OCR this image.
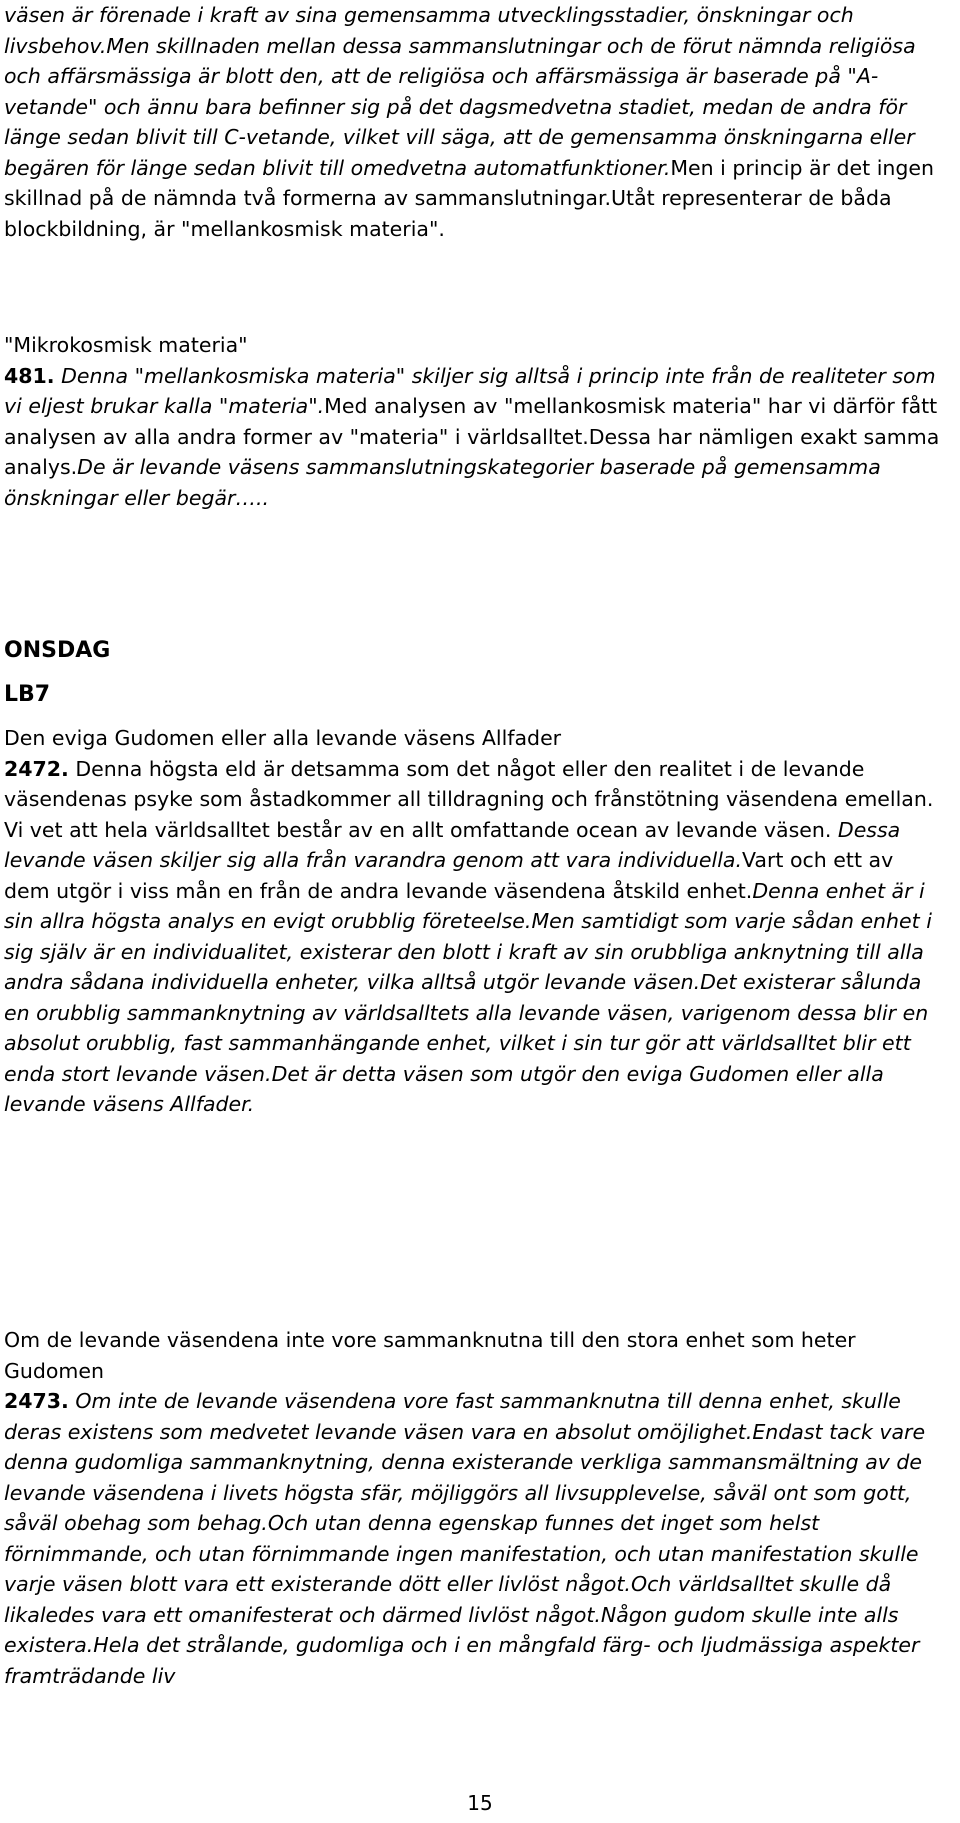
väsen är förenade i kraft av sina gemensamma utvecklingsstadier, önskningar och livsbehov.Men skillnaden mellan dessa sammanslutningar och de förut nämnda religiösa och affärsmässiga är blott den, att de religiösa och affärsmässiga är baserade på "A-vetande" och ännu bara befinner sig på det dagsmedvetna stadiet, medan de andra för länge sedan blivit till C-vetande, vilket vill säga, att de gemensamma önskningarna eller begären för länge sedan blivit till omedvetna automatfunktioner.Men i princip är det ingen skillnad på de nämnda två formerna av sammanslutningar.Utåt representerar de båda blockbildning, är "mellankosmisk materia".

"Mikrokosmisk materia"

481. Denna "mellankosmiska materia" skiljer sig alltså i princip inte från de realiteter som vi eljest brukar kalla "materia".Med analysen av "mellankosmisk materia" har vi därför fått analysen av alla andra former av "materia" i världsalltet.Dessa har nämligen exakt samma analys.De är levande väsens sammanslutningskategorier baserade på gemensamma önskningar eller begär…..

ONSDAG

LB7

Den eviga Gudomen eller alla levande väsens Allfader

2472. Denna högsta eld är detsamma som det något eller den realitet i de levande väsendenas psyke som åstadkommer all tilldragning och frånstötning väsendena emellan. Vi vet att hela världsalltet består av en allt omfattande ocean av levande väsen. Dessa levande väsen skiljer sig alla från varandra genom att vara individuella.Vart och ett av dem utgör i viss mån en från de andra levande väsendena åtskild enhet.Denna enhet är i sin allra högsta analys en evigt orubblig företeelse.Men samtidigt som varje sådan enhet i sig själv är en individualitet, existerar den blott i kraft av sin orubbliga anknytning till alla andra sådana individuella enheter, vilka alltså utgör levande väsen.Det existerar sålunda en orubblig sammanknytning av världsalltets alla levande väsen, varigenom dessa blir en absolut orubblig, fast sammanhängande enhet, vilket i sin tur gör att världsalltet blir ett enda stort levande väsen.Det är detta väsen som utgör den eviga Gudomen eller alla levande väsens Allfader.

Om de levande väsendena inte vore sammanknutna till den stora enhet som heter Gudomen

2473. Om inte de levande väsendena vore fast sammanknutna till denna enhet, skulle deras existens som medvetet levande väsen vara en absolut omöjlighet.Endast tack vare denna gudomliga sammanknytning, denna existerande verkliga sammansmältning av de levande väsendena i livets högsta sfär, möjliggörs all livsupplevelse, såväl ont som gott, såväl obehag som behag.Och utan denna egenskap funnes det inget som helst förnimmande, och utan förnimmande ingen manifestation, och utan manifestation skulle varje väsen blott vara ett existerande dött eller livlöst något.Och världsalltet skulle då likaledes vara ett omanifesterat och därmed livlöst något.Någon gudom skulle inte alls existera.Hela det strålande, gudomliga och i en mångfald färg- och ljudmässiga aspekter framträdande liv

15
